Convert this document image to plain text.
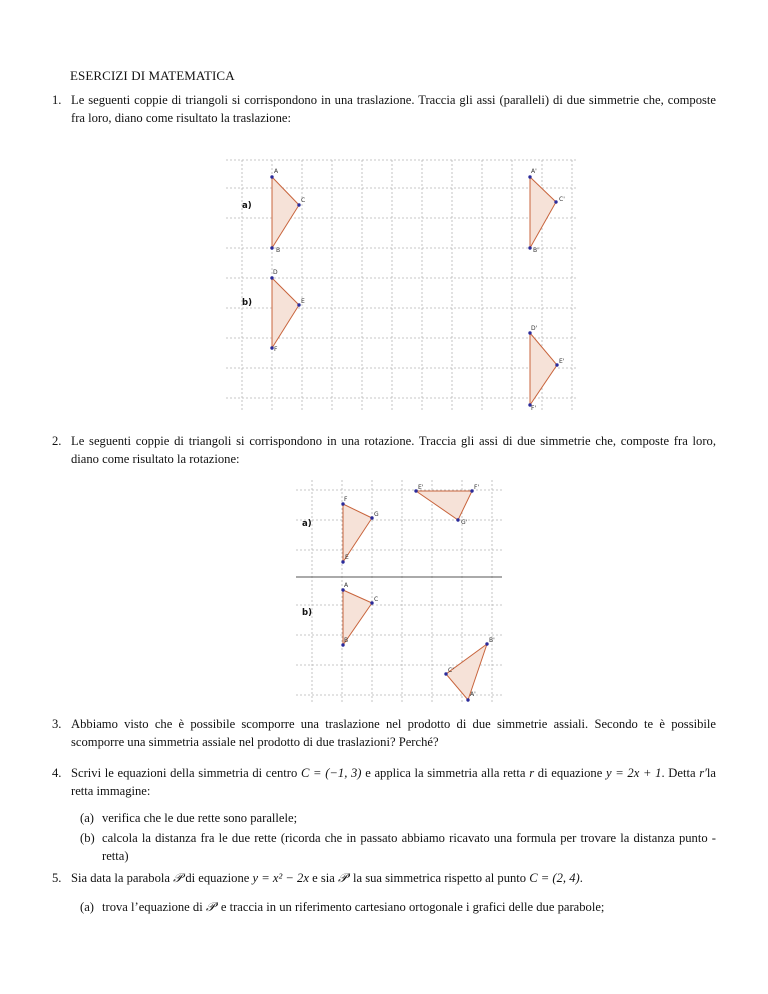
ESERCIZI DI MATEMATICA
1. Le seguenti coppie di triangoli si corrispondono in una traslazione. Traccia gli assi (paralleli) di due simmetrie che, composte fra loro, diano come risultato la traslazione:
a)
b)
A
C
B
A'
C'
B'
D
E
F
D'
E'
F'
2. Le seguenti coppie di triangoli si corrispondono in una rotazione. Traccia gli assi di due simmetrie che, composte fra loro, diano come risultato la rotazione:
a)
b)
F
G
E
E'	F'
G'
A
C
B	B'
C'
A'
3. Abbiamo visto che è possibile scomporre una traslazione nel prodotto di due simmetrie assiali. Secondo te è possibile scomporre una simmetria assiale nel prodotto di due traslazioni? Perché?
4. Scrivi le equazioni della simmetria di centro C = (−1, 3) e applica la simmetria alla retta r di equazione y = 2x + 1. Detta r′la retta immagine:
(a) verifica che le due rette sono parallele;
(b) calcola la distanza fra le due rette (ricorda che in passato abbiamo ricavato una formula per trovare la distanza punto - retta)
5. Sia data la parabola 𝒫 di equazione y = x² − 2x e sia 𝒫′ la sua simmetrica rispetto al punto C = (2, 4).
(a) trova l’equazione di 𝒫′ e traccia in un riferimento cartesiano ortogonale i grafici delle due parabole;
